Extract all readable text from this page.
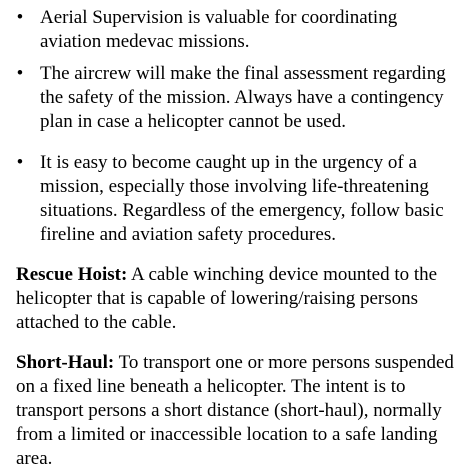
• Aerial Supervision is valuable for coordinating aviation medevac missions.
• The aircrew will make the final assessment regarding the safety of the mission. Always have a contingency plan in case a helicopter cannot be used.
• It is easy to become caught up in the urgency of a mission, especially those involving life-threatening situations. Regardless of the emergency, follow basic fireline and aviation safety procedures.
Rescue Hoist: A cable winching device mounted to the helicopter that is capable of lowering/raising persons attached to the cable.
Short-Haul: To transport one or more persons suspended on a fixed line beneath a helicopter. The intent is to transport persons a short distance (short-haul), normally from a limited or inaccessible location to a safe landing area.
